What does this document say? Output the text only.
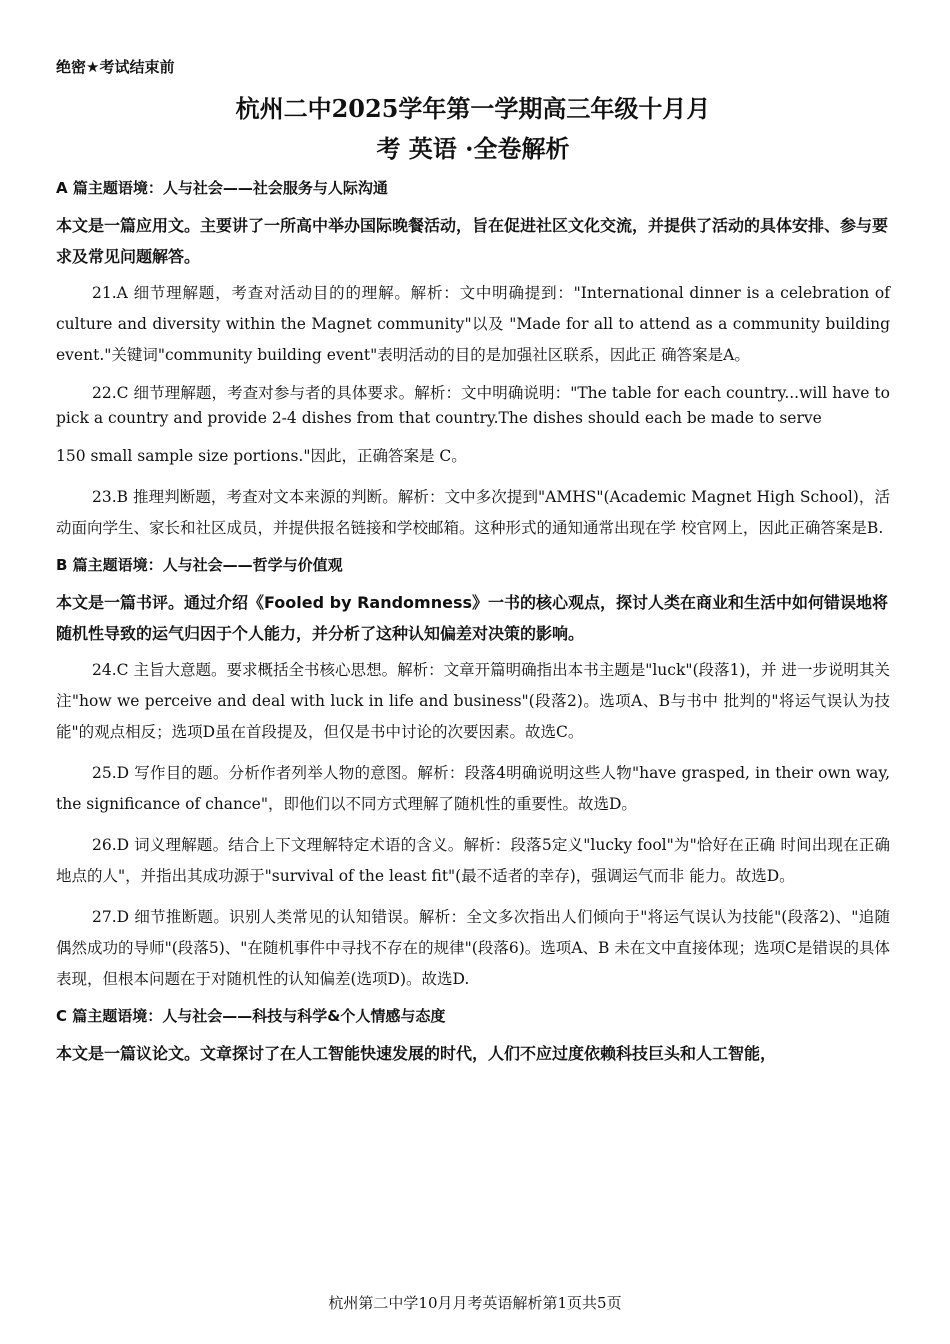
绝密★考试结束前
杭州二中2025学年第一学期高三年级十月月
考 英语 ·全卷解析
A 篇主题语境：人与社会——社会服务与人际沟通
本文是一篇应用文。主要讲了一所高中举办国际晚餐活动，旨在促进社区文化交流，并提供了活动的具体安排、参与要求及常见问题解答。
21.A 细节理解题，考查对活动目的的理解。解析：文中明确提到："International dinner is a celebration of culture and diversity within the Magnet community"以及 "Made for all to attend as a community building event."关键词"community building event"表明活动的目的是加强社区联系，因此正 确答案是A。
22.C 细节理解题，考查对参与者的具体要求。解析：文中明确说明："The table for each country...will have to pick a country and provide 2-4 dishes from that country.The dishes should each be made to serve
150 small sample size portions."因此，正确答案是 C。
23.B 推理判断题，考查对文本来源的判断。解析：文中多次提到"AMHS"(Academic Magnet High School)，活动面向学生、家长和社区成员，并提供报名链接和学校邮箱。这种形式的通知通常出现在学 校官网上，因此正确答案是B.
B 篇主题语境：人与社会——哲学与价值观
本文是一篇书评。通过介绍《Fooled by Randomness》一书的核心观点，探讨人类在商业和生活中如何错误地将随机性导致的运气归因于个人能力，并分析了这种认知偏差对决策的影响。
24.C 主旨大意题。要求概括全书核心思想。解析：文章开篇明确指出本书主题是"luck"(段落1)，并 进一步说明其关注"how we perceive and deal with luck in life and business"(段落2)。选项A、B与书中 批判的"将运气误认为技能"的观点相反；选项D虽在首段提及，但仅是书中讨论的次要因素。故选C。
25.D 写作目的题。分析作者列举人物的意图。解析：段落4明确说明这些人物"have grasped, in their own way, the significance of chance"，即他们以不同方式理解了随机性的重要性。故选D。
26.D 词义理解题。结合上下文理解特定术语的含义。解析：段落5定义"lucky fool"为"恰好在正确 时间出现在正确地点的人"，并指出其成功源于"survival of the least fit"(最不适者的幸存)，强调运气而非 能力。故选D。
27.D 细节推断题。识别人类常见的认知错误。解析：全文多次指出人们倾向于"将运气误认为技能"(段落2)、"追随偶然成功的导师"(段落5)、"在随机事件中寻找不存在的规律"(段落6)。选项A、B 未在文中直接体现；选项C是错误的具体表现，但根本问题在于对随机性的认知偏差(选项D)。故选D.
C 篇主题语境：人与社会——科技与科学&个人情感与态度
本文是一篇议论文。文章探讨了在人工智能快速发展的时代，人们不应过度依赖科技巨头和人工智能，
杭州第二中学10月月考英语解析第1页共5页
